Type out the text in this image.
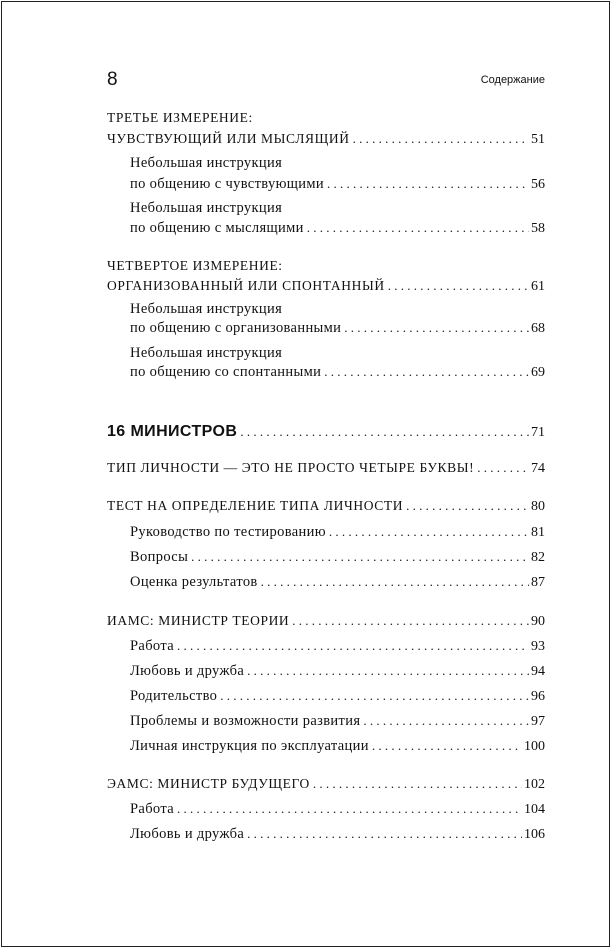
8	Содержание
ТРЕТЬЕ ИЗМЕРЕНИЕ:
ЧУВСТВУЮЩИЙ ИЛИ МЫСЛЯЩИЙ . . .	51
Небольшая инструкция
по общению с чувствующими . . .	56
Небольшая инструкция
по общению с мыслящими . . .	58
ЧЕТВЕРТОЕ ИЗМЕРЕНИЕ:
ОРГАНИЗОВАННЫЙ ИЛИ СПОНТАННЫЙ . . .	61
Небольшая инструкция
по общению с организованными . . .	68
Небольшая инструкция
по общению со спонтанными . . .	69
16 МИНИСТРОВ . . .	71
ТИП ЛИЧНОСТИ — ЭТО НЕ ПРОСТО ЧЕТЫРЕ БУКВЫ! . . .	74
ТЕСТ НА ОПРЕДЕЛЕНИЕ ТИПА ЛИЧНОСТИ . . .	80
Руководство по тестированию . . .	81
Вопросы . . .	82
Оценка результатов . . .	87
ИАМС: МИНИСТР ТЕОРИИ . . .	90
Работа . . .	93
Любовь и дружба . . .	94
Родительство . . .	96
Проблемы и возможности развития . . .	97
Личная инструкция по эксплуатации . . .	100
ЭАМС: МИНИСТР БУДУЩЕГО . . .	102
Работа . . .	104
Любовь и дружба . . .	106
